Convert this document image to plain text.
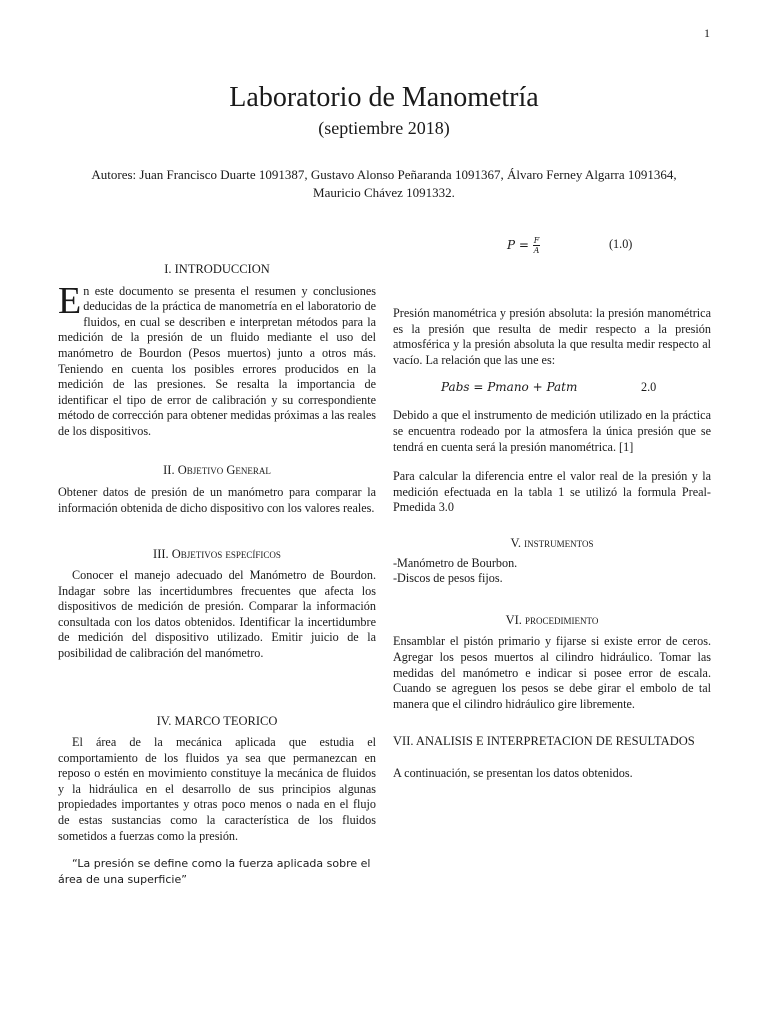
1
Laboratorio de Manometría
(septiembre 2018)
Autores: Juan Francisco Duarte 1091387, Gustavo Alonso Peñaranda 1091367, Álvaro Ferney Algarra 1091364, Mauricio Chávez 1091332.

I. INTRODUCCION

En este documento se presenta el resumen y conclusiones deducidas de la práctica de manometría en el laboratorio de fluidos, en cual se describen e interpretan métodos para la medición de la presión de un fluido mediante el uso del manómetro de Bourdon (Pesos muertos) junto a otros más. Teniendo en cuenta los posibles errores producidos en la medición de las presiones. Se resalta la importancia de identificar el tipo de error de calibración y su correspondiente método de corrección para obtener medidas próximas a las reales de los dispositivos.

II. Objetivo General

Obtener datos de presión de un manómetro para comparar la información obtenida de dicho dispositivo con los valores reales.

III. Objetivos específicos

Conocer el manejo adecuado del Manómetro de Bourdon. Indagar sobre las incertidumbres frecuentes que afecta los dispositivos de medición de presión. Comparar la información consultada con los datos obtenidos. Identificar la incertidumbre de medición del dispositivo utilizado. Emitir juicio de la posibilidad de calibración del manómetro.

IV. MARCO TEORICO

El área de la mecánica aplicada que estudia el comportamiento de los fluidos ya sea que permanezcan en reposo o estén en movimiento constituye la mecánica de fluidos y la hidráulica en el desarrollo de sus principios algunas propiedades importantes y otras poco menos o nada en el flujo de estas sustancias como la característica de los fluidos sometidos a fuerzas como la presión.

“La presión se define como la fuerza aplicada sobre el área de una superficie”

$P = \frac{F}{A}$	(1.0)

Presión manométrica y presión absoluta: la presión manométrica es la presión que resulta de medir respecto a la presión atmosférica y la presión absoluta la que resulta medir respecto al vacío. La relación que las une es:

Pabs = Pmano + Patm	2.0

Debido a que el instrumento de medición utilizado en la práctica se encuentra rodeado por la atmosfera la única presión que se tendrá en cuenta será la presión manométrica. [1]

Para calcular la diferencia entre el valor real de la presión y la medición efectuada en la tabla 1 se utilizó la formula Preal-Pmedida 3.0

V. instrumentos

-Manómetro de Bourbon.

-Discos de pesos fijos.

VI. procedimiento

Ensamblar el pistón primario y fijarse si existe error de ceros. Agregar los pesos muertos al cilindro hidráulico. Tomar las medidas del manómetro e indicar si posee error de escala. Cuando se agreguen los pesos se debe girar el embolo de tal manera que el cilindro hidráulico gire libremente.

VII. ANALISIS E INTERPRETACION DE RESULTADOS

A continuación, se presentan los datos obtenidos.
